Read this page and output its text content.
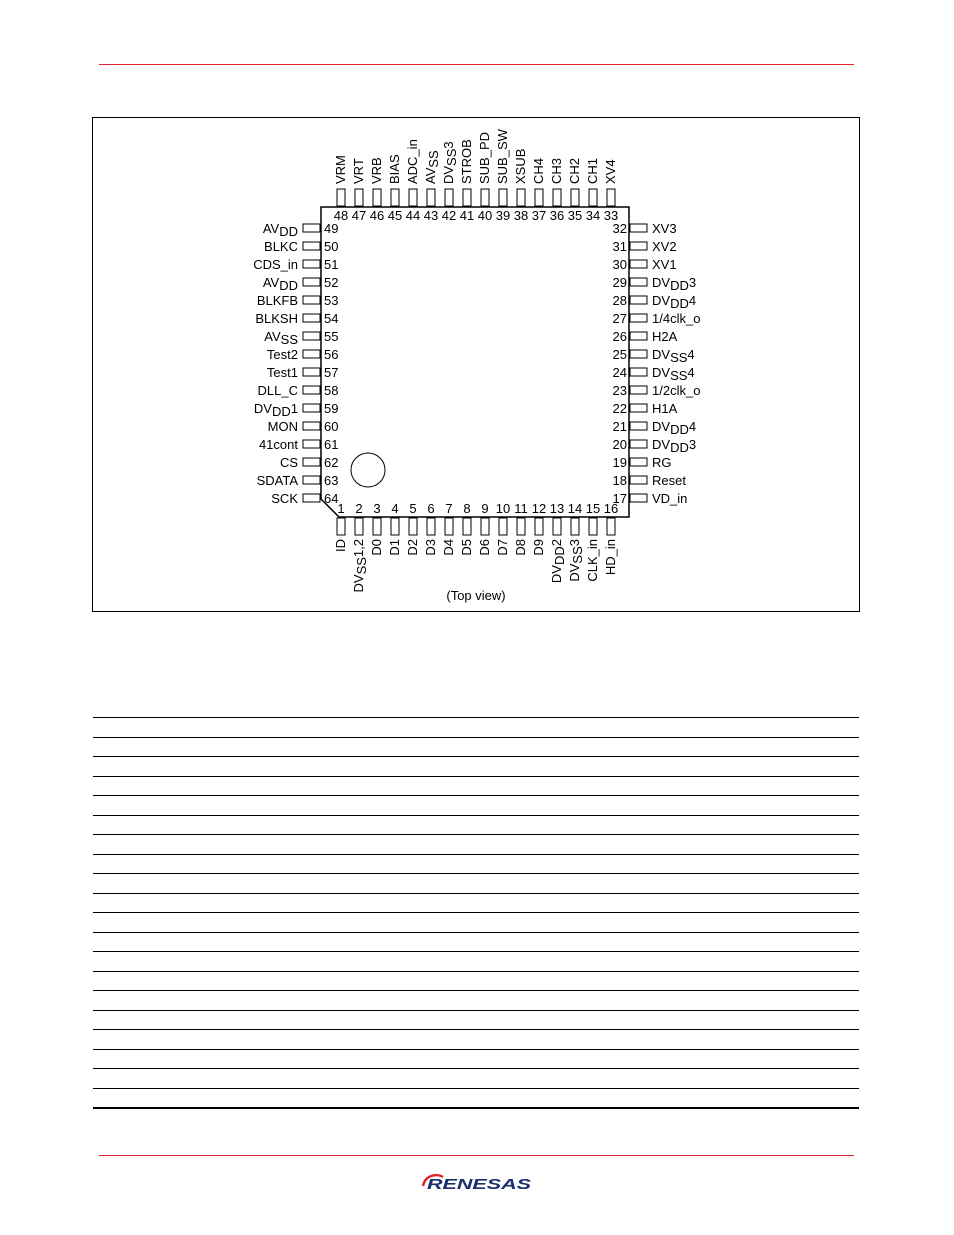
AVDD 49
BLKC 50
CDS_in 51
AVDD 52
BLKFB 53
BLKSH 54
AVSS 55
Test2 56
Test1 57
DLL_C 58
DVDD1 59
MON 60
41cont 61
CS 62
SDATA 63
SCK 64
XV3
32
XV2
31
XV1
30
DVDD3
29
DVDD4
28
1/4clk_o
27
H2A
26
DVSS4
25
DVSS4
24
1/2clk_o
23
H1A
22
DVDD4
21
DVDD3
20
RG
19
Reset
18
VD_in
17
VRM
48
VRT
47
VRB
46
BIAS
45
ADC_in
44
AVSS
43
DVSS3
42
STROB
41
SUB_PD
40
SUB_SW
39
XSUB
38
CH4
37
CH3
36
CH2
35
CH1
34
XV4
33
ID
1
DVSS1,2
2
D0
3
D1
4
D2
5
D3
6
D4
7
D5
8
D6
9
D7
10
D8
11
D9
12
DVDD2
13
DVSS3
14
CLK_in
15
HD_in
16
(Top view)
RENESAS
